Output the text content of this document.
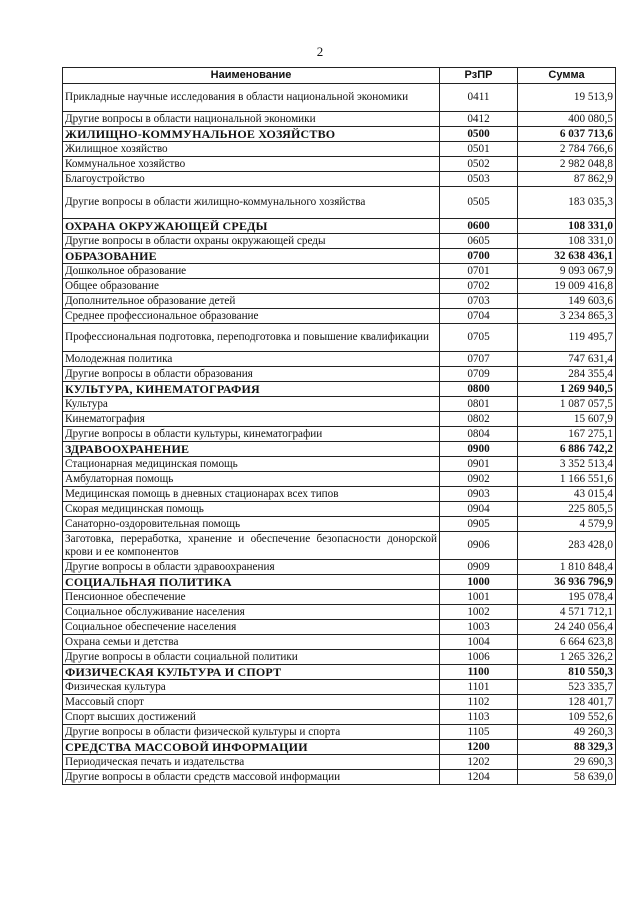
2
Наименование	РзПР	Сумма
Прикладные научные исследования в области национальной экономики	0411	19 513,9
Другие вопросы в области национальной экономики	0412	400 080,5
ЖИЛИЩНО-КОММУНАЛЬНОЕ ХОЗЯЙСТВО	0500	6 037 713,6
Жилищное хозяйство	0501	2 784 766,6
Коммунальное хозяйство	0502	2 982 048,8
Благоустройство	0503	87 862,9
Другие вопросы в области жилищно-коммунального хозяйства	0505	183 035,3
ОХРАНА ОКРУЖАЮЩЕЙ СРЕДЫ	0600	108 331,0
Другие вопросы в области охраны окружающей среды	0605	108 331,0
ОБРАЗОВАНИЕ	0700	32 638 436,1
Дошкольное образование	0701	9 093 067,9
Общее образование	0702	19 009 416,8
Дополнительное образование детей	0703	149 603,6
Среднее профессиональное образование	0704	3 234 865,3
Профессиональная подготовка, переподготовка и повышение квалификации	0705	119 495,7
Молодежная политика	0707	747 631,4
Другие вопросы в области образования	0709	284 355,4
КУЛЬТУРА, КИНЕМАТОГРАФИЯ	0800	1 269 940,5
Культура	0801	1 087 057,5
Кинематография	0802	15 607,9
Другие вопросы в области культуры, кинематографии	0804	167 275,1
ЗДРАВООХРАНЕНИЕ	0900	6 886 742,2
Стационарная медицинская помощь	0901	3 352 513,4
Амбулаторная помощь	0902	1 166 551,6
Медицинская помощь в дневных стационарах всех типов	0903	43 015,4
Скорая медицинская помощь	0904	225 805,5
Санаторно-оздоровительная помощь	0905	4 579,9
Заготовка, переработка, хранение и обеспечение безопасности донорской крови и ее компонентов	0906	283 428,0
Другие вопросы в области здравоохранения	0909	1 810 848,4
СОЦИАЛЬНАЯ ПОЛИТИКА	1000	36 936 796,9
Пенсионное обеспечение	1001	195 078,4
Социальное обслуживание населения	1002	4 571 712,1
Социальное обеспечение населения	1003	24 240 056,4
Охрана семьи и детства	1004	6 664 623,8
Другие вопросы в области социальной политики	1006	1 265 326,2
ФИЗИЧЕСКАЯ КУЛЬТУРА И СПОРТ	1100	810 550,3
Физическая культура	1101	523 335,7
Массовый спорт	1102	128 401,7
Спорт высших достижений	1103	109 552,6
Другие вопросы в области физической культуры и спорта	1105	49 260,3
СРЕДСТВА МАССОВОЙ ИНФОРМАЦИИ	1200	88 329,3
Периодическая печать и издательства	1202	29 690,3
Другие вопросы в области средств массовой информации	1204	58 639,0
